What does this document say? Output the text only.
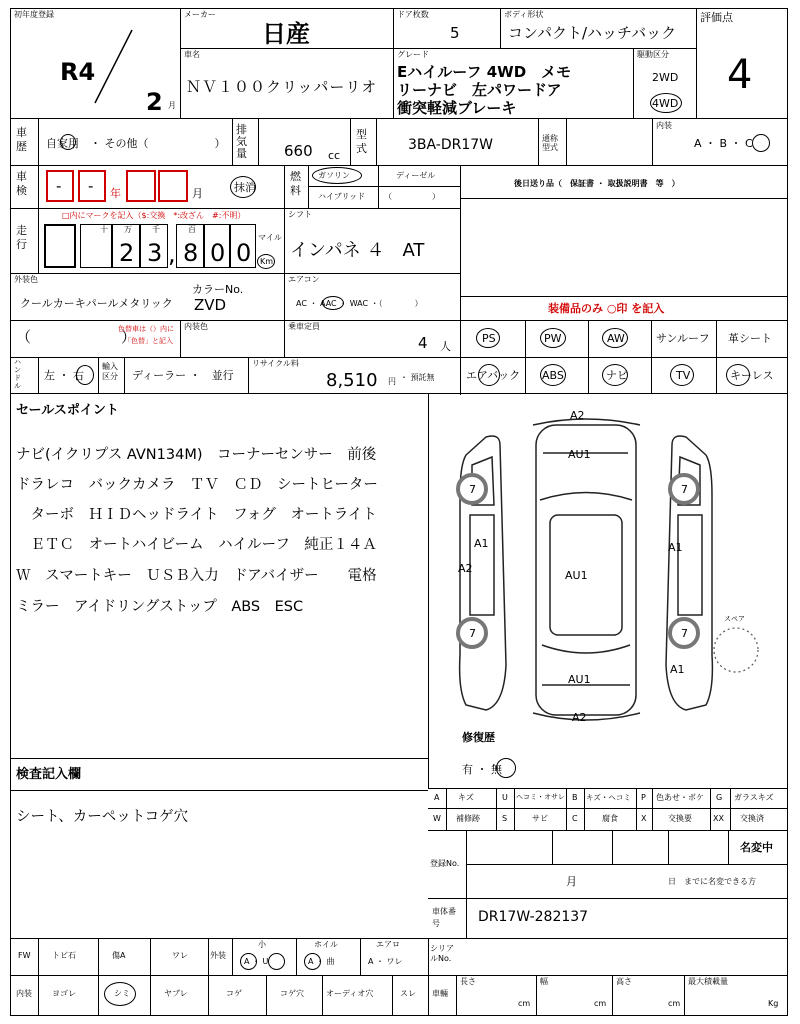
初年度登録
R4
2 月
メーカー
日産
ドア枚数
5
ボディ形状
コンパクト/ハッチバック
評価点
4
車名
ＮＶ１００クリッパーリオ
グレード
Eハイルーフ 4WD　メモ
リーナビ　左パワードア
衝突軽減ブレーキ
駆動区分
2WD
4WD
車歴 自家用　・ その他（　　　　　　）
排気量 660 cc
型式	3BA-DR17W	通称型式
内装
A ・ B ・ C
車検 - - 年	月	抹消
燃料
ガソリン	ディーゼル
ハイブリッド （　　　　　）
後日送り品（　保証書 ・ 取扱説明書　等　）
走行
□内にマークを記入（$:交換　*:改ざん　#:不明）
2 3 , 8 0 0
十 万	千	百
マイル
Km
シフト
インパネ ４　AT
外装色
クールカーキパールメタリック
カラーNo.
ZVD
エアコン
AC ・ AAC ・ WAC ・（　　　　）	装備品のみ ○印 を記入
（　　　　　　）
色替車は（）内に
「色替」と記入
内装色	乗車定員
4 人
PS	PW	AW	サンルーフ 革シート
エアバック ABS	ナビ	TV	キーレス
ハンドル
左 ・ 右
輸入区分	ディーラー ・　並行
リサイクル料
8,510 円 ・ 預託無
セールスポイント
ナビ(イクリプス AVN134M)　コーナーセンサー　前後
ドラレコ　バックカメラ　ＴＶ　ＣＤ　シートヒーター
　ターボ　ＨＩＤヘッドライト　フォグ　オートライト
　ＥＴＣ　オートハイビーム　ハイルーフ　純正１４Ａ
Ｗ　スマートキー　ＵＳＢ入力　ドアバイザー　　電格
ミラー　アイドリングストップ　ABS　ESC
A2
AU1
AU1
AU1
A2
A1
A2
A1
A1
7	7
7	7
スペア
修復歴
有 ・ 無
検査記入欄
シート、カーペットコゲ穴
A キズ	U ヘコミ・オサレ B キズ・ヘコミ P 色あせ・ボケ G ガラスキズ
W 補修跡	S	サビ	C	腐食	X	交換要	XX 交換済
登録No.
名変中
月	日　までに名変できる方
車体番号	DR17W-282137
FW	トビ石	傷A	ワレ	外装
小	ホイル	エアロ
A ・ U	A ・ 曲	A ・ ワレ
シリアルNo.
内装	ヨゴレ	シミ	ヤブレ	コゲ	コゲ穴	オーディオ穴	スレ 車輛
長さ
cm
幅
cm
高さ
cm
最大積載量
Kg
